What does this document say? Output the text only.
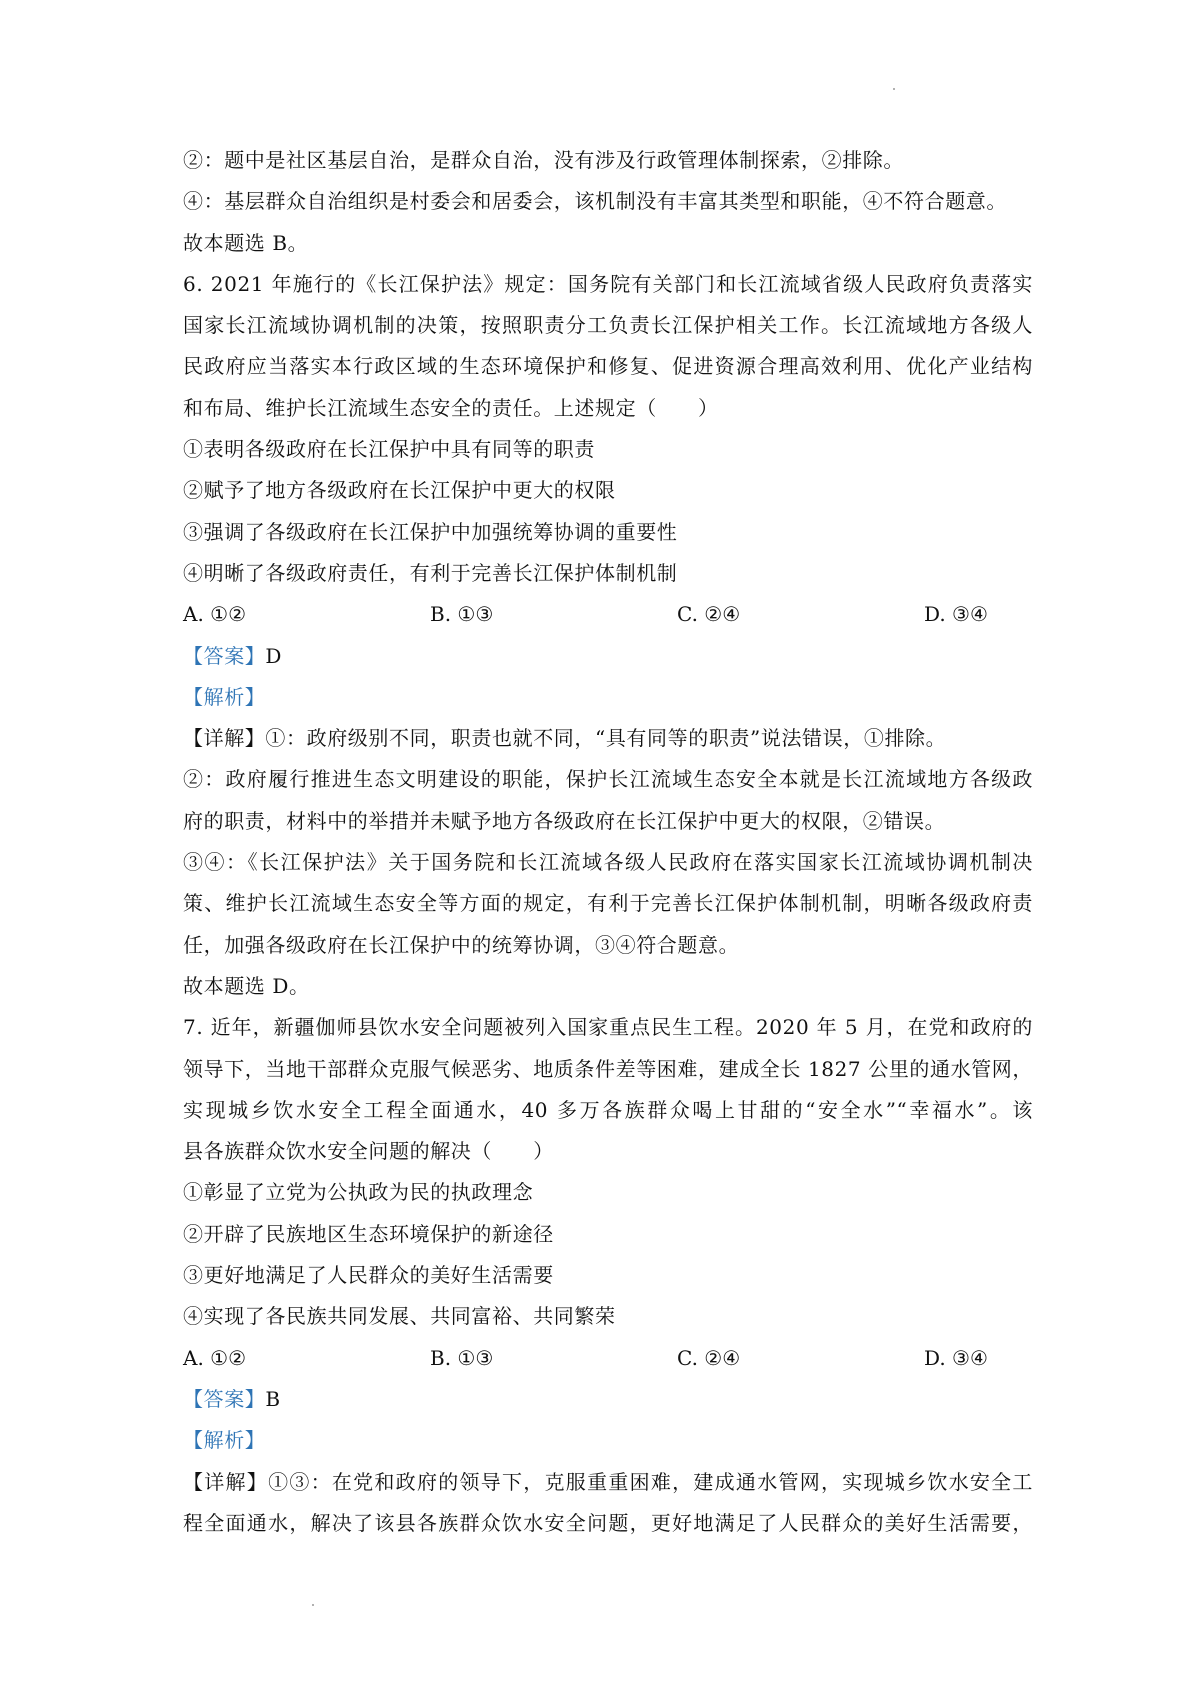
②：题中是社区基层自治，是群众自治，没有涉及行政管理体制探索，②排除。
④：基层群众自治组织是村委会和居委会，该机制没有丰富其类型和职能，④不符合题意。
故本题选 B。
6. 2021 年施行的《长江保护法》规定：国务院有关部门和长江流域省级人民政府负责落实
国家长江流域协调机制的决策，按照职责分工负责长江保护相关工作。长江流域地方各级人
民政府应当落实本行政区域的生态环境保护和修复、促进资源合理高效利用、优化产业结构
和布局、维护长江流域生态安全的责任。上述规定（　　）
①表明各级政府在长江保护中具有同等的职责
②赋予了地方各级政府在长江保护中更大的权限
③强调了各级政府在长江保护中加强统筹协调的重要性
④明晰了各级政府责任，有利于完善长江保护体制机制
A. ①②	B. ①③	C. ②④	D. ③④
【答案】D
【解析】
【详解】①：政府级别不同，职责也就不同，“具有同等的职责”说法错误，①排除。
②：政府履行推进生态文明建设的职能，保护长江流域生态安全本就是长江流域地方各级政
府的职责，材料中的举措并未赋予地方各级政府在长江保护中更大的权限，②错误。
③④：《长江保护法》关于国务院和长江流域各级人民政府在落实国家长江流域协调机制决
策、维护长江流域生态安全等方面的规定，有利于完善长江保护体制机制，明晰各级政府责
任，加强各级政府在长江保护中的统筹协调，③④符合题意。
故本题选 D。
7. 近年，新疆伽师县饮水安全问题被列入国家重点民生工程。2020 年 5 月，在党和政府的
领导下，当地干部群众克服气候恶劣、地质条件差等困难，建成全长 1827 公里的通水管网，
实现城乡饮水安全工程全面通水，40 多万各族群众喝上甘甜的“安全水”“幸福水”。该
县各族群众饮水安全问题的解决（　　）
①彰显了立党为公执政为民的执政理念
②开辟了民族地区生态环境保护的新途径
③更好地满足了人民群众的美好生活需要
④实现了各民族共同发展、共同富裕、共同繁荣
A. ①②	B. ①③	C. ②④	D. ③④
【答案】B
【解析】
【详解】①③：在党和政府的领导下，克服重重困难，建成通水管网，实现城乡饮水安全工
程全面通水，解决了该县各族群众饮水安全问题，更好地满足了人民群众的美好生活需要，
